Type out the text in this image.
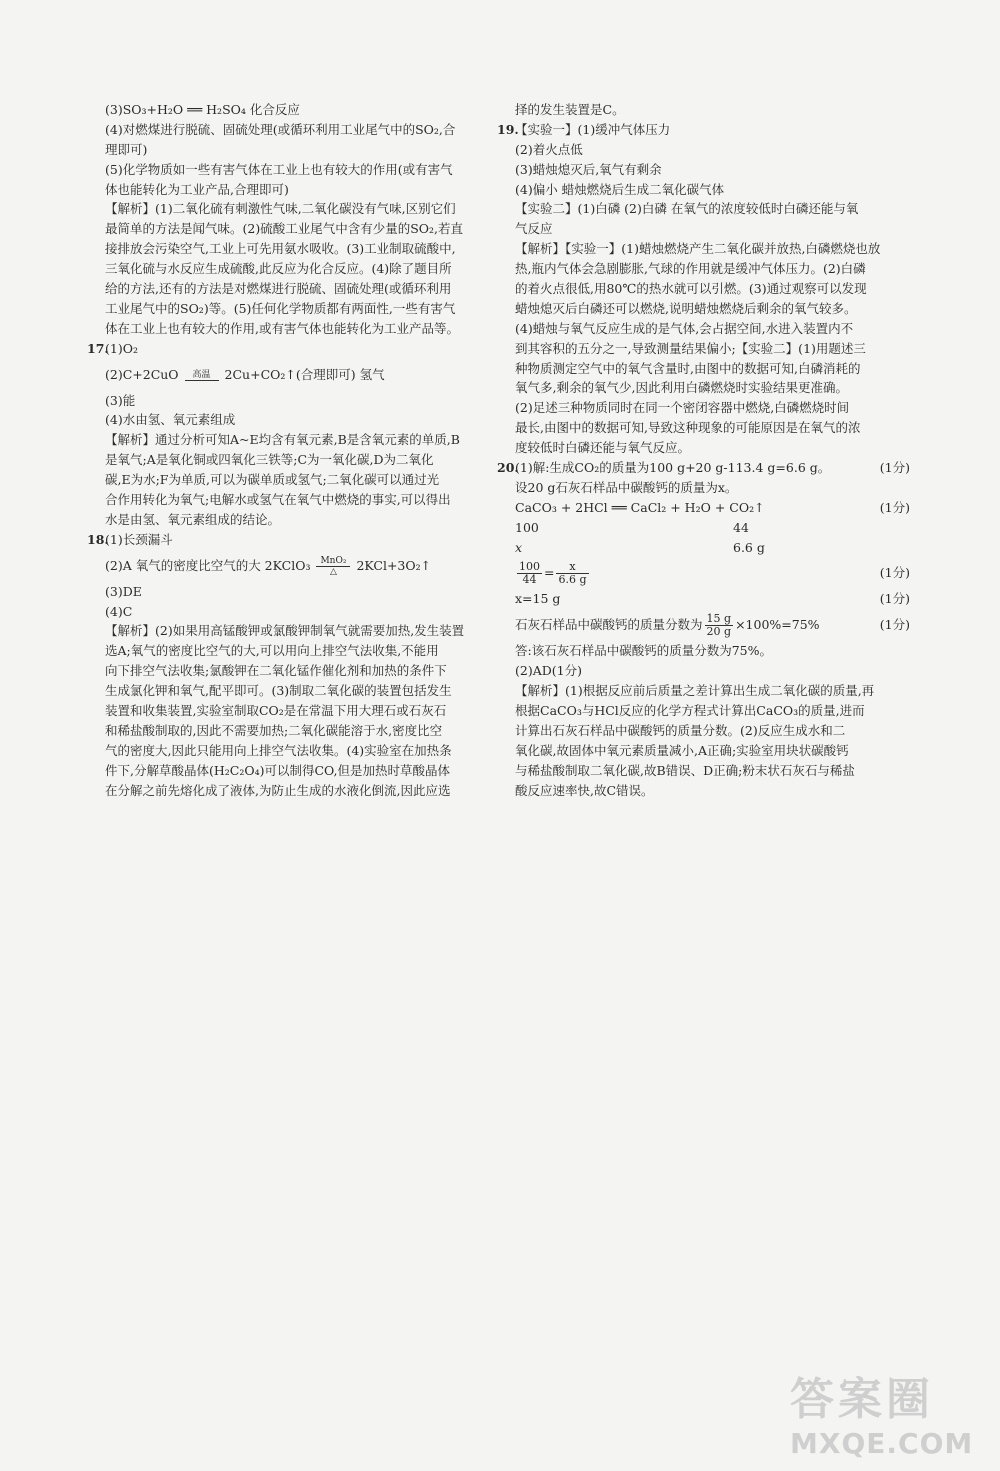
(3)SO₃+H₂O ══ H₂SO₄ 化合反应
(4)对燃煤进行脱硫、固硫处理(或循环利用工业尾气中的SO₂,合
理即可)
(5)化学物质如一些有害气体在工业上也有较大的作用(或有害气
体也能转化为工业产品,合理即可)
【解析】(1)二氧化硫有刺激性气味,二氧化碳没有气味,区别它们
最简单的方法是闻气味。(2)硫酸工业尾气中含有少量的SO₂,若直
接排放会污染空气,工业上可先用氨水吸收。(3)工业制取硫酸中,
三氧化硫与水反应生成硫酸,此反应为化合反应。(4)除了题目所
给的方法,还有的方法是对燃煤进行脱硫、固硫处理(或循环利用
工业尾气中的SO₂)等。(5)任何化学物质都有两面性,一些有害气
体在工业上也有较大的作用,或有害气体也能转化为工业产品等。
17.(1)O₂
(2)C+2CuO	高温	2Cu+CO₂↑(合理即可) 氢气
(3)能
(4)水由氢、氧元素组成
【解析】通过分析可知A~E均含有氧元素,B是含氧元素的单质,B
是氧气;A是氧化铜或四氧化三铁等;C为一氧化碳,D为二氧化
碳,E为水;F为单质,可以为碳单质或氢气;二氧化碳可以通过光
合作用转化为氧气;电解水或氢气在氧气中燃烧的事实,可以得出
水是由氢、氧元素组成的结论。
18.(1)长颈漏斗
(2)A 氧气的密度比空气的大 2KClO₃	MnO₂
△	2KCl+3O₂↑
(3)DE
(4)C
【解析】(2)如果用高锰酸钾或氯酸钾制氧气就需要加热,发生装置
选A;氧气的密度比空气的大,可以用向上排空气法收集,不能用
向下排空气法收集;氯酸钾在二氧化锰作催化剂和加热的条件下
生成氯化钾和氧气,配平即可。(3)制取二氧化碳的装置包括发生
装置和收集装置,实验室制取CO₂是在常温下用大理石或石灰石
和稀盐酸制取的,因此不需要加热;二氧化碳能溶于水,密度比空
气的密度大,因此只能用向上排空气法收集。(4)实验室在加热条
件下,分解草酸晶体(H₂C₂O₄)可以制得CO,但是加热时草酸晶体
在分解之前先熔化成了液体,为防止生成的水液化倒流,因此应选
择的发生装置是C。
19.【实验一】(1)缓冲气体压力
(2)着火点低
(3)蜡烛熄灭后,氧气有剩余
(4)偏小 蜡烛燃烧后生成二氧化碳气体
【实验二】(1)白磷 (2)白磷 在氧气的浓度较低时白磷还能与氧
气反应
【解析】【实验一】(1)蜡烛燃烧产生二氧化碳并放热,白磷燃烧也放
热,瓶内气体会急剧膨胀,气球的作用就是缓冲气体压力。(2)白磷
的着火点很低,用80℃的热水就可以引燃。(3)通过观察可以发现
蜡烛熄灭后白磷还可以燃烧,说明蜡烛燃烧后剩余的氧气较多。
(4)蜡烛与氧气反应生成的是气体,会占据空间,水进入装置内不
到其容积的五分之一,导致测量结果偏小;【实验二】(1)用题述三
种物质测定空气中的氧气含量时,由图中的数据可知,白磷消耗的
氧气多,剩余的氧气少,因此利用白磷燃烧时实验结果更准确。
(2)足述三种物质同时在同一个密闭容器中燃烧,白磷燃烧时间
最长,由图中的数据可知,导致这种现象的可能原因是在氧气的浓
度较低时白磷还能与氧气反应。
20.(1)解:生成CO₂的质量为100 g+20 g-113.4 g=6.6 g。	(1分)
设20 g石灰石样品中碳酸钙的质量为x。
CaCO₃ + 2HCl ══ CaCl₂ + H₂O + CO₂↑	(1分)
100	44
x	6.6 g
$\frac{100}{44} = \frac{x}{6.6 g}$	(1分)
x=15 g	(1分)
石灰石样品中碳酸钙的质量分数为 $\frac{15 g}{20 g} \times 100\%=75\%$	(1分)
答:该石灰石样品中碳酸钙的质量分数为75%。
(2)AD(1分)
【解析】(1)根据反应前后质量之差计算出生成二氧化碳的质量,再
根据CaCO₃与HCl反应的化学方程式计算出CaCO₃的质量,进而
计算出石灰石样品中碳酸钙的质量分数。(2)反应生成水和二
氧化碳,故固体中氧元素质量减小,A正确;实验室用块状碳酸钙
与稀盐酸制取二氧化碳,故B错误、D正确;粉末状石灰石与稀盐
酸反应速率快,故C错误。
答案圈
MXQE.COM
